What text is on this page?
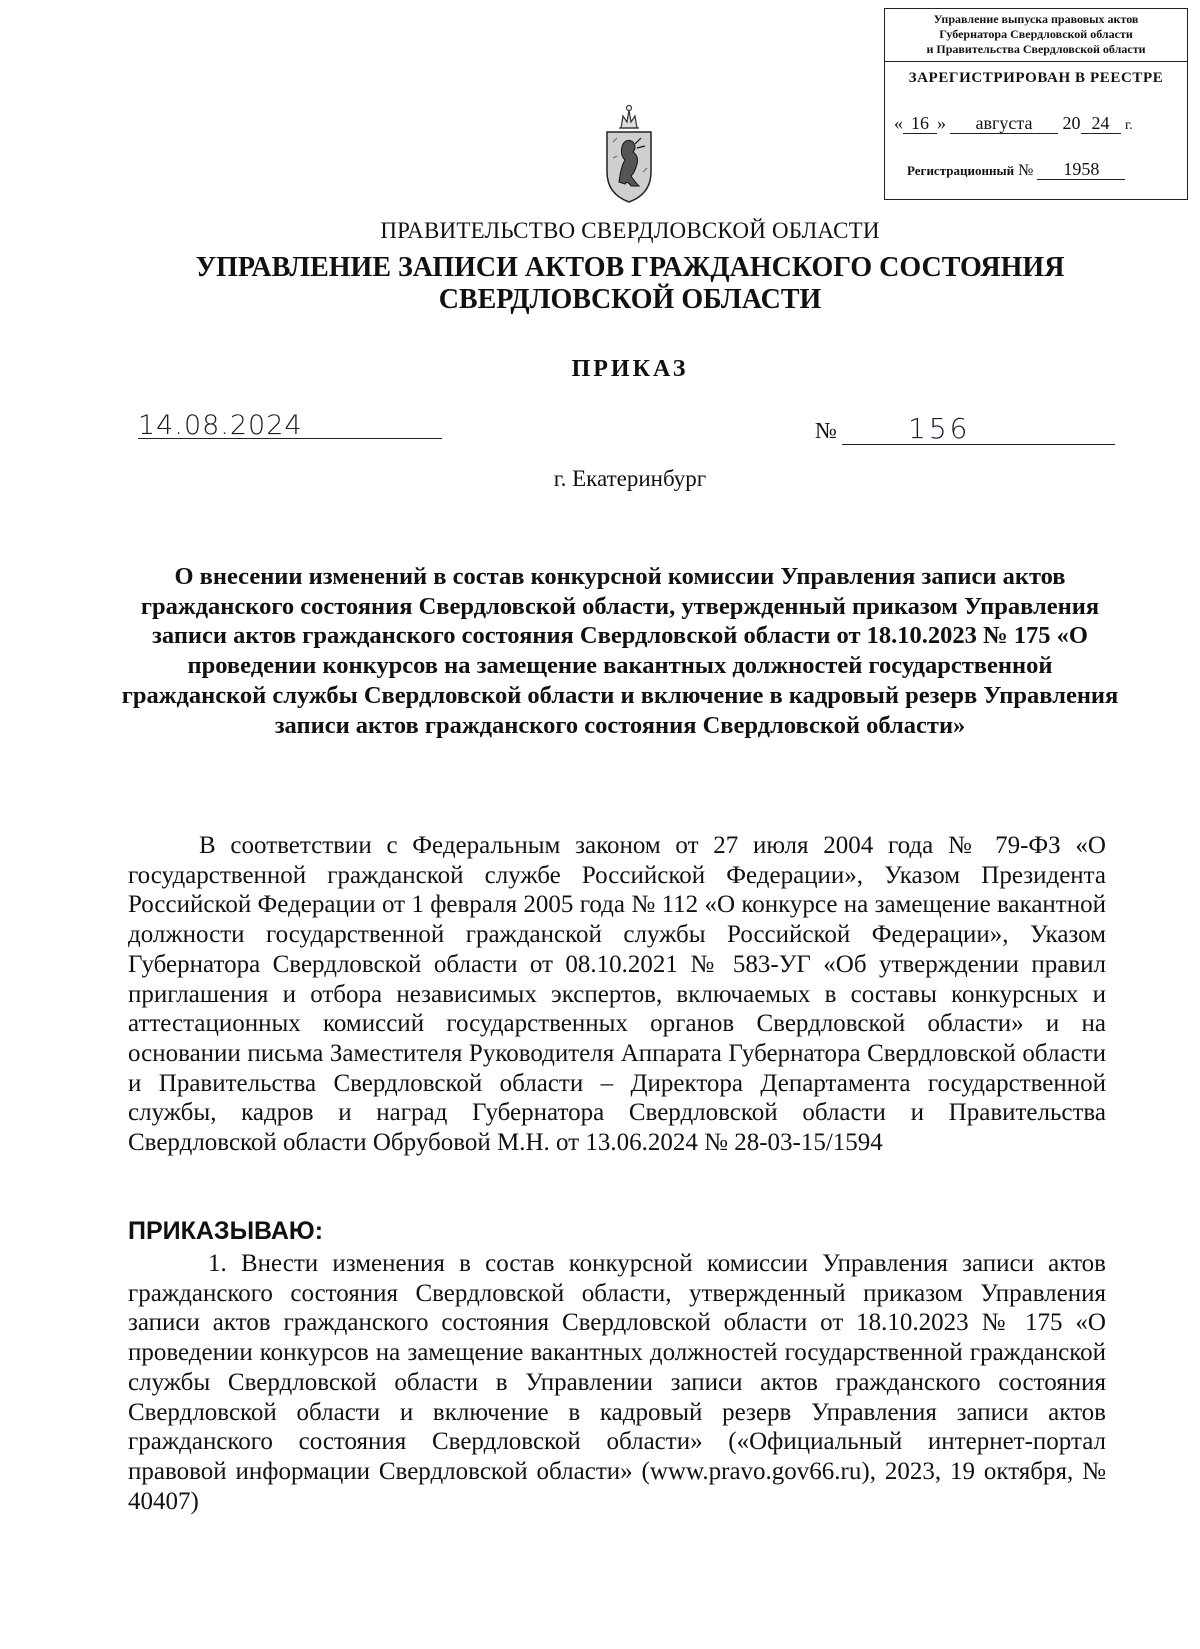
Управление выпуска правовых актов
Губернатора Свердловской области
и Правительства Свердловской области
ЗАРЕГИСТРИРОВАН В РЕЕСТРЕ
« 16 » августа 20 24 г.
Регистрационный № 1958
ПРАВИТЕЛЬСТВО СВЕРДЛОВСКОЙ ОБЛАСТИ
УПРАВЛЕНИЕ ЗАПИСИ АКТОВ ГРАЖДАНСКОГО СОСТОЯНИЯ
СВЕРДЛОВСКОЙ ОБЛАСТИ
ПРИКАЗ
14.08.2024	№	156
г. Екатеринбург
О внесении изменений в состав конкурсной комиссии Управления записи актов гражданского состояния Свердловской области, утвержденный приказом Управления записи актов гражданского состояния Свердловской области от 18.10.2023 № 175 «О проведении конкурсов на замещение вакантных должностей государственной гражданской службы Свердловской области и включение в кадровый резерв Управления записи актов гражданского состояния Свердловской области»
В соответствии с Федеральным законом от 27 июля 2004 года № 79-ФЗ «О государственной гражданской службе Российской Федерации», Указом Президента Российской Федерации от 1 февраля 2005 года № 112 «О конкурсе на замещение вакантной должности государственной гражданской службы Российской Федерации», Указом Губернатора Свердловской области от 08.10.2021 № 583-УГ «Об утверждении правил приглашения и отбора независимых экспертов, включаемых в составы конкурсных и аттестационных комиссий государственных органов Свердловской области» и на основании письма Заместителя Руководителя Аппарата Губернатора Свердловской области и Правительства Свердловской области – Директора Департамента государственной службы, кадров и наград Губернатора Свердловской области и Правительства Свердловской области Обрубовой М.Н. от 13.06.2024 № 28-03-15/1594
ПРИКАЗЫВАЮ:
1. Внести изменения в состав конкурсной комиссии Управления записи актов гражданского состояния Свердловской области, утвержденный приказом Управления записи актов гражданского состояния Свердловской области от 18.10.2023 № 175 «О проведении конкурсов на замещение вакантных должностей государственной гражданской службы Свердловской области в Управлении записи актов гражданского состояния Свердловской области и включение в кадровый резерв Управления записи актов гражданского состояния Свердловской области» («Официальный интернет-портал правовой информации Свердловской области» (www.pravo.gov66.ru), 2023, 19 октября, № 40407)
